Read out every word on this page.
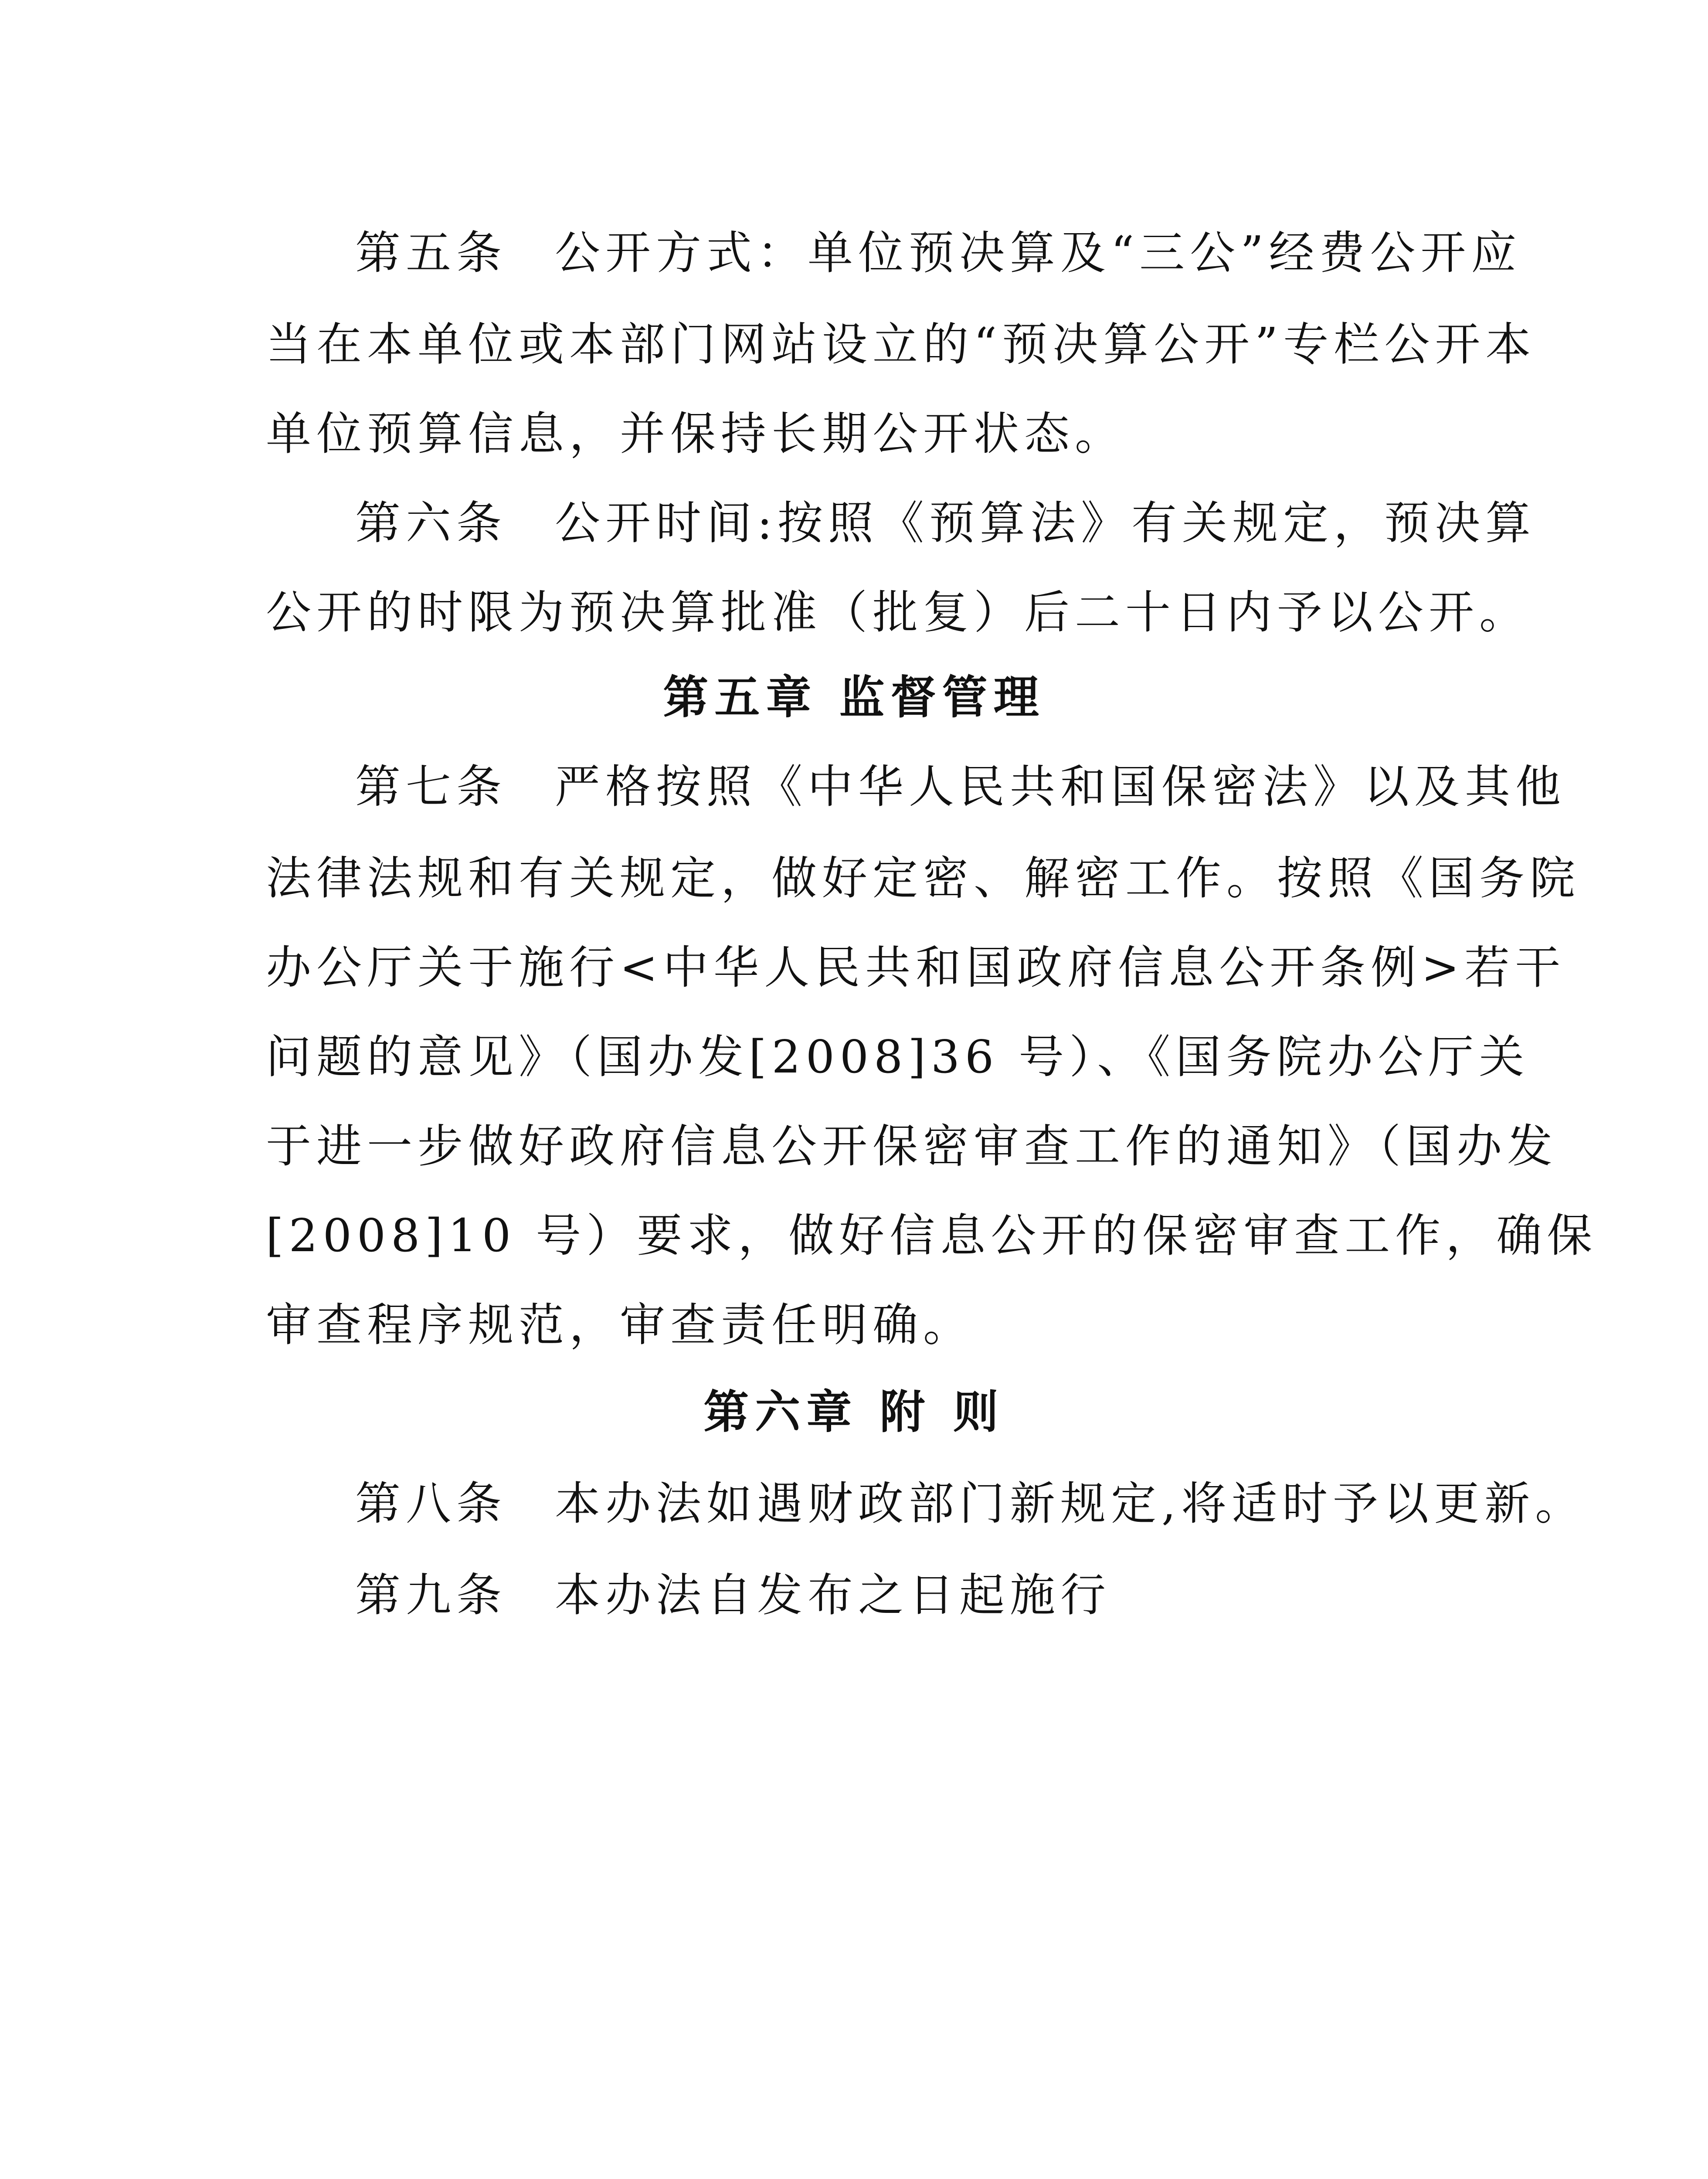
第五条 公开方式：单位预决算及“三公”经费公开应
当在本单位或本部门网站设立的“预决算公开”专栏公开本
单位预算信息，并保持长期公开状态。
第六条 公开时间:按照《预算法》有关规定，预决算
公开的时限为预决算批准（批复）后二十日内予以公开。
第五章 监督管理
第七条 严格按照《中华人民共和国保密法》以及其他
法律法规和有关规定，做好定密、解密工作。按照《国务院
办公厅关于施行<中华人民共和国政府信息公开条例>若干
问题的意见》（国办发[2008]36 号）、《国务院办公厅关
于进一步做好政府信息公开保密审查工作的通知》（国办发
[2008]10 号）要求，做好信息公开的保密审查工作，确保
审查程序规范，审查责任明确。
第六章 附 则
第八条 本办法如遇财政部门新规定,将适时予以更新。
第九条 本办法自发布之日起施行
